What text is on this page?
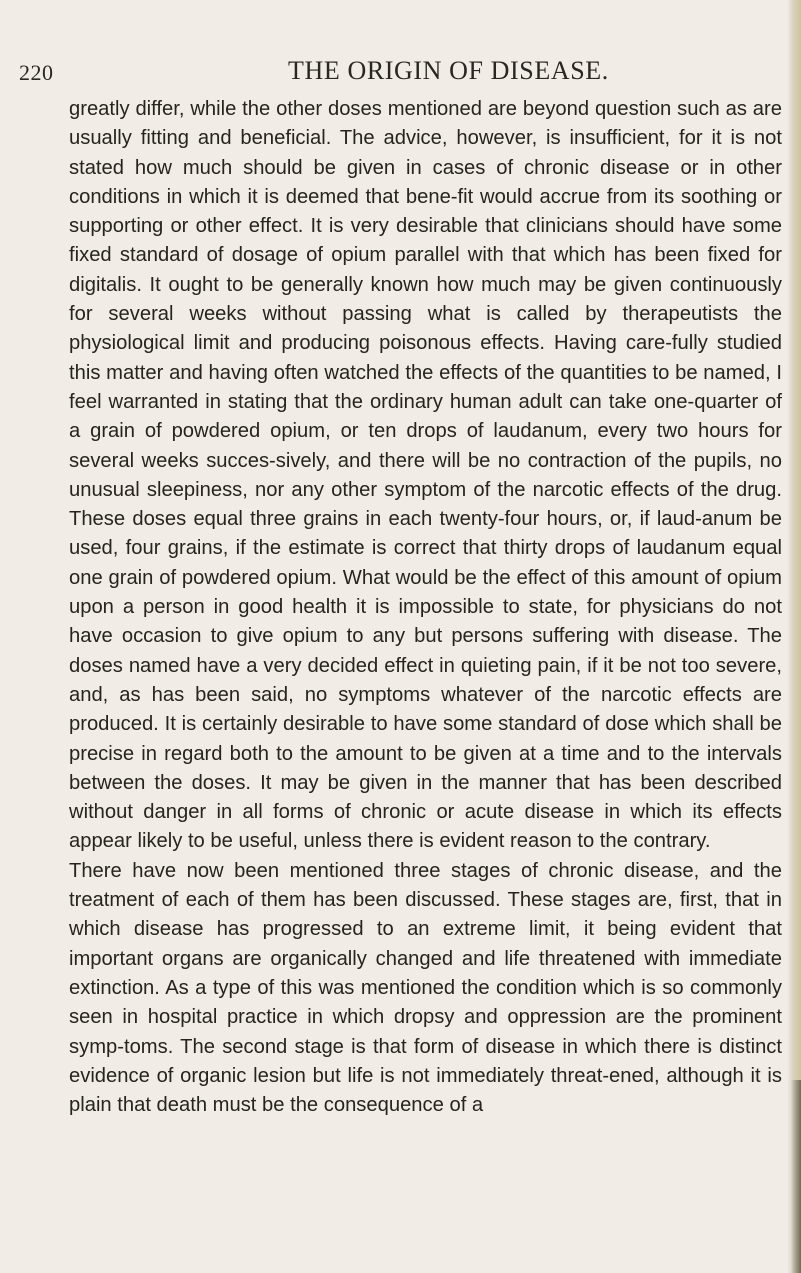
220	THE ORIGIN OF DISEASE.

greatly differ, while the other doses mentioned are beyond question such as are usually fitting and beneficial. The advice, however, is insufficient, for it is not stated how much should be given in cases of chronic disease or in other conditions in which it is deemed that bene-fit would accrue from its soothing or supporting or other effect. It is very desirable that clinicians should have some fixed standard of dosage of opium parallel with that which has been fixed for digitalis. It ought to be generally known how much may be given continuously for several weeks without passing what is called by therapeutists the physiological limit and producing poisonous effects. Having care-fully studied this matter and having often watched the effects of the quantities to be named, I feel warranted in stating that the ordinary human adult can take one-quarter of a grain of powdered opium, or ten drops of laudanum, every two hours for several weeks succes-sively, and there will be no contraction of the pupils, no unusual sleepiness, nor any other symptom of the narcotic effects of the drug. These doses equal three grains in each twenty-four hours, or, if laud-anum be used, four grains, if the estimate is correct that thirty drops of laudanum equal one grain of powdered opium. What would be the effect of this amount of opium upon a person in good health it is impossible to state, for physicians do not have occasion to give opium to any but persons suffering with disease. The doses named have a very decided effect in quieting pain, if it be not too severe, and, as has been said, no symptoms whatever of the narcotic effects are produced. It is certainly desirable to have some standard of dose which shall be precise in regard both to the amount to be given at a time and to the intervals between the doses. It may be given in the manner that has been described without danger in all forms of chronic or acute disease in which its effects appear likely to be useful, unless there is evident reason to the contrary.

There have now been mentioned three stages of chronic disease, and the treatment of each of them has been discussed. These stages are, first, that in which disease has progressed to an extreme limit, it being evident that important organs are organically changed and life threatened with immediate extinction. As a type of this was mentioned the condition which is so commonly seen in hospital practice in which dropsy and oppression are the prominent symp-toms. The second stage is that form of disease in which there is distinct evidence of organic lesion but life is not immediately threat-ened, although it is plain that death must be the consequence of a
